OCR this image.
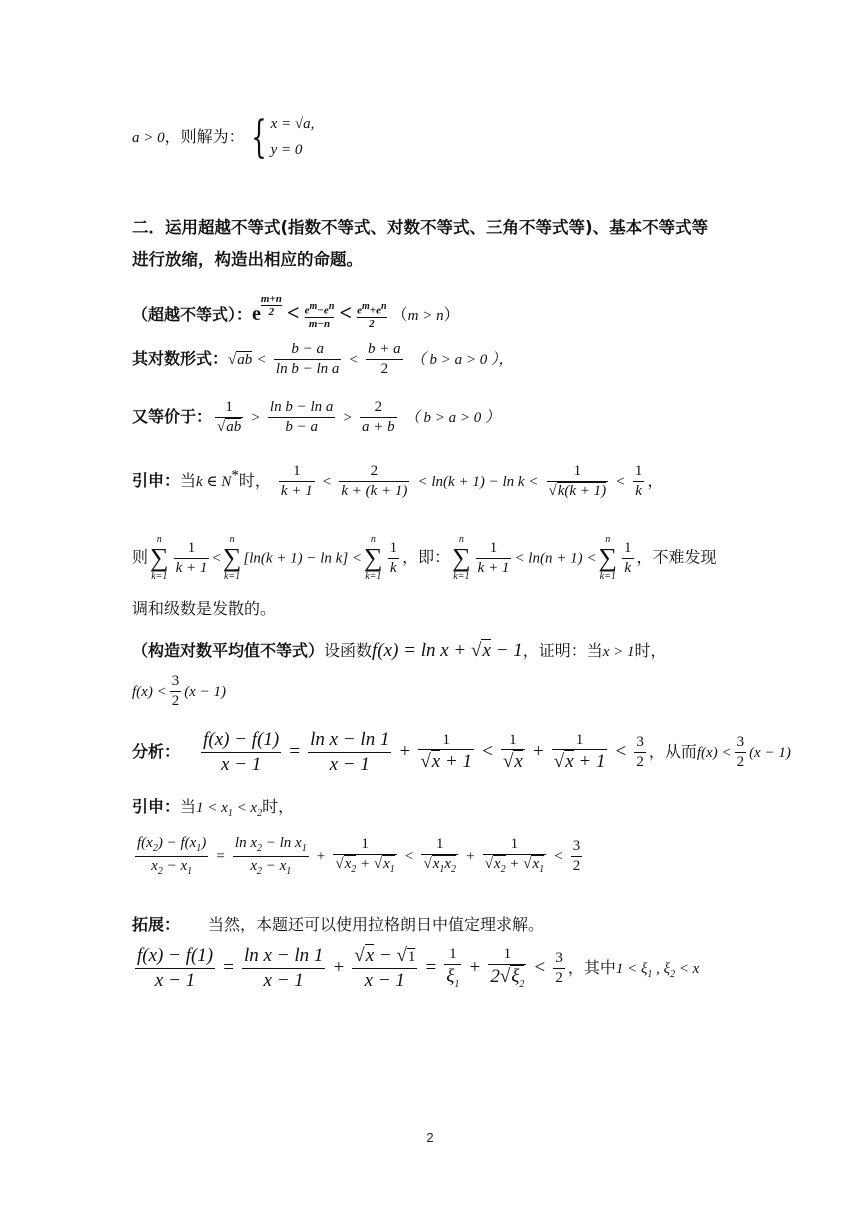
a > 0，则解为： { x = √a,
y = 0
二．运用超越不等式(指数不等式、对数不等式、三角不等式等)、基本不等式等
进行放缩，构造出相应的命题。
（超越不等式）：e $\frac{m+n}{2} < \frac{e^m-e^n}{m-n} < \frac{e^m+e^n}{2} (m > n)$
其对数形式：$√ab < \frac{b - a}{\text{ln b − ln a}} < \frac{b + a}{2}$ （ b > a > 0 ），
又等价于： $\frac{1}{√ab} > \frac{\text{ln b − ln a}}{b - a} > \frac{2}{a + b}$ （ b > a > 0 ）
引申：当k ∈ N*时， $\frac{1}{k + 1} < \frac{2}{k + (k + 1)} < \ln(k + 1) - \ln k < \frac{1}{√k(k + 1)} < \frac{1}{k}$ ，
则
n
∑
$k=1 \frac{1}{k + 1}$ <
n
∑
k=1
[ln(k + 1) − ln k] <
n
∑
$k=1 \frac{1}{k}$ ，即：
n
∑
$k=1 \frac{1}{k + 1} < \ln(n + 1)$ <
n
∑
$k=1 \frac{1}{k}$ ，不难发现
调和级数是发散的。
（构造对数平均值不等式）设函数f(x) = ln x + √x − 1，证明：当x > 1时，
$f(x) < \frac{3}{2} (x - 1)$
分析： $\frac{f(x) - f(1)}{x - 1} = \frac{\text{ln x − ln 1}}{x - 1} + \frac{1}{√x + 1} < \frac{1}{√x} + \frac{1}{√x + 1} < \frac{3}{2}$ ，从而$f(x) < \frac{3}{2} (x - 1)$
引申：当$1 < x_1 < x_2$时，
$\frac{f(x_2) - f(x_1)}{x_2 - x_1} = \frac{\ln x_2 - \ln x_1}{x_2 - x_1} + \frac{1}{√x_2 + √x_1} < \frac{1}{√x_1x_2} + \frac{1}{√x_2 + √x_1} < \frac{3}{2}$
拓展： 当然，本题还可以使用拉格朗日中值定理求解。
$\frac{f(x) - f(1)}{x - 1} = \frac{\text{ln x − ln 1}}{x - 1} + \frac{√x - √1}{x - 1} = \frac{1}{\xi_1} + \frac{1}{2√\xi_2} < \frac{3}{2}$ ，其中$1 < \xi_1$ , $\xi_2 < x$
2
